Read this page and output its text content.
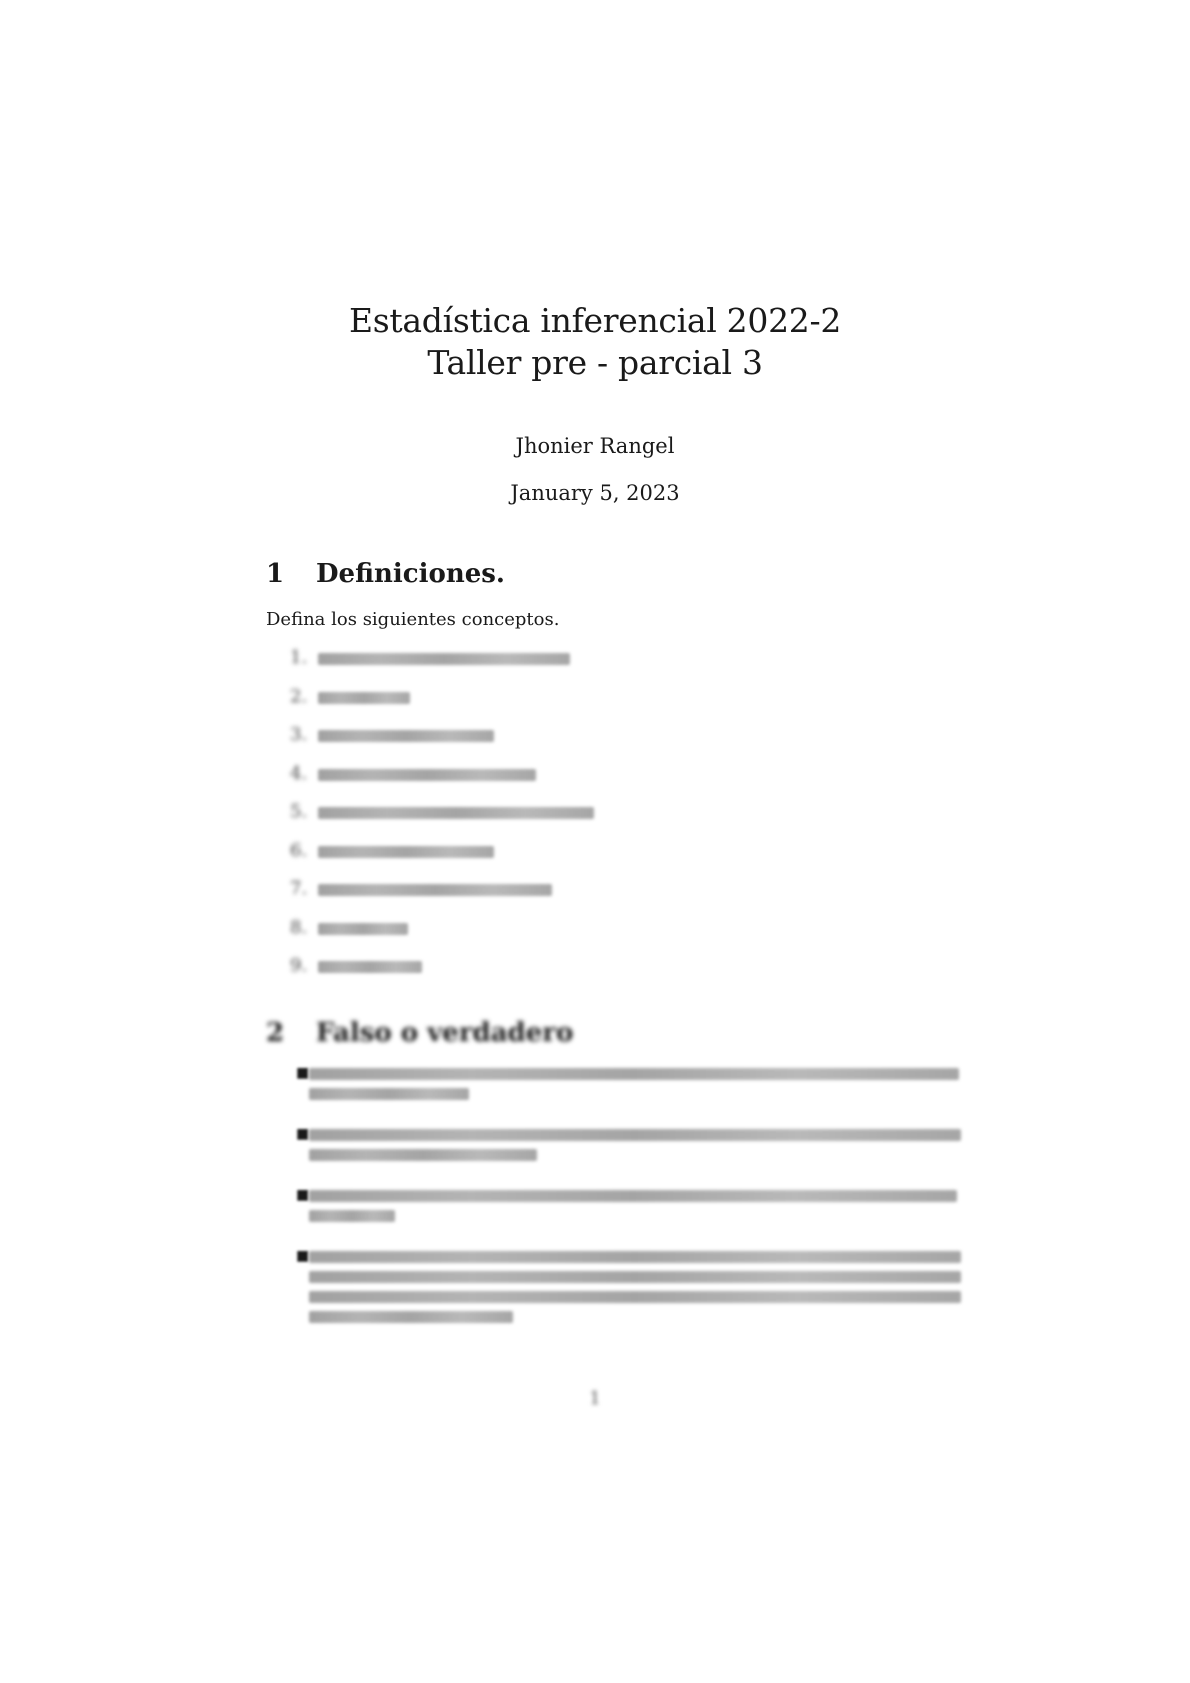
Estadística inferencial 2022-2
Taller pre - parcial 3
Jhonier Rangel
January 5, 2023
1	Definiciones.
Defina los siguientes conceptos.
1.
2.
3.
4.
5.
6.
7.
8.
9.
2	Falso o verdadero
■
■
■
■
1
